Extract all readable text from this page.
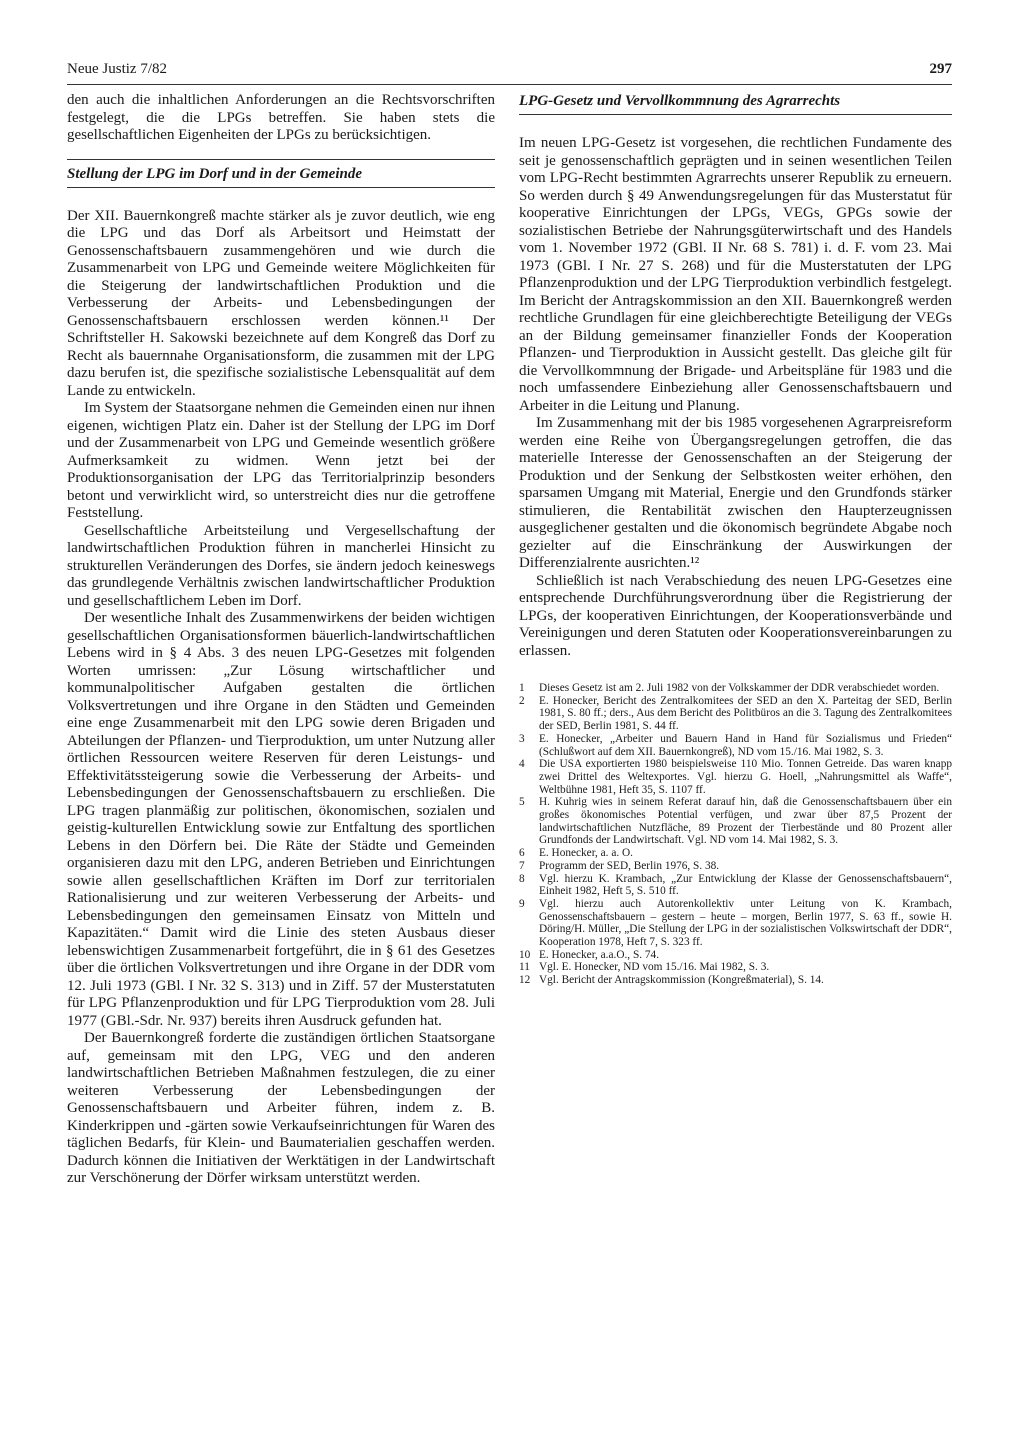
Neue Justiz 7/82	297

den auch die inhaltlichen Anforderungen an die Rechtsvorschriften festgelegt, die die LPGs betreffen. Sie haben stets die gesellschaftlichen Eigenheiten der LPGs zu berücksichtigen.

Stellung der LPG im Dorf und in der Gemeinde

Der XII. Bauernkongreß machte stärker als je zuvor deutlich, wie eng die LPG und das Dorf als Arbeitsort und Heimstatt der Genossenschaftsbauern zusammengehören und wie durch die Zusammenarbeit von LPG und Gemeinde weitere Möglichkeiten für die Steigerung der landwirtschaftlichen Produktion und die Verbesserung der Arbeits- und Lebensbedingungen der Genossenschaftsbauern erschlossen werden können.¹¹ Der Schriftsteller H. Sakowski bezeichnete auf dem Kongreß das Dorf zu Recht als bauernnahe Organisationsform, die zusammen mit der LPG dazu berufen ist, die spezifische sozialistische Lebensqualität auf dem Lande zu entwickeln.

Im System der Staatsorgane nehmen die Gemeinden einen nur ihnen eigenen, wichtigen Platz ein. Daher ist der Stellung der LPG im Dorf und der Zusammenarbeit von LPG und Gemeinde wesentlich größere Aufmerksamkeit zu widmen. Wenn jetzt bei der Produktionsorganisation der LPG das Territorialprinzip besonders betont und verwirklicht wird, so unterstreicht dies nur die getroffene Feststellung.

Gesellschaftliche Arbeitsteilung und Vergesellschaftung der landwirtschaftlichen Produktion führen in mancherlei Hinsicht zu strukturellen Veränderungen des Dorfes, sie ändern jedoch keineswegs das grundlegende Verhältnis zwischen landwirtschaftlicher Produktion und gesellschaftlichem Leben im Dorf.

Der wesentliche Inhalt des Zusammenwirkens der beiden wichtigen gesellschaftlichen Organisationsformen bäuerlich-landwirtschaftlichen Lebens wird in § 4 Abs. 3 des neuen LPG-Gesetzes mit folgenden Worten umrissen: „Zur Lösung wirtschaftlicher und kommunalpolitischer Aufgaben gestalten die örtlichen Volksvertretungen und ihre Organe in den Städten und Gemeinden eine enge Zusammenarbeit mit den LPG sowie deren Brigaden und Abteilungen der Pflanzen- und Tierproduktion, um unter Nutzung aller örtlichen Ressourcen weitere Reserven für deren Leistungs- und Effektivitätssteigerung sowie die Verbesserung der Arbeits- und Lebensbedingungen der Genossenschaftsbauern zu erschließen. Die LPG tragen planmäßig zur politischen, ökonomischen, sozialen und geistig-kulturellen Entwicklung sowie zur Entfaltung des sportlichen Lebens in den Dörfern bei. Die Räte der Städte und Gemeinden organisieren dazu mit den LPG, anderen Betrieben und Einrichtungen sowie allen gesellschaftlichen Kräften im Dorf zur territorialen Rationalisierung und zur weiteren Verbesserung der Arbeits- und Lebensbedingungen den gemeinsamen Einsatz von Mitteln und Kapazitäten.“ Damit wird die Linie des steten Ausbaus dieser lebenswichtigen Zusammenarbeit fortgeführt, die in § 61 des Gesetzes über die örtlichen Volksvertretungen und ihre Organe in der DDR vom 12. Juli 1973 (GBl. I Nr. 32 S. 313) und in Ziff. 57 der Musterstatuten für LPG Pflanzenproduktion und für LPG Tierproduktion vom 28. Juli 1977 (GBl.-Sdr. Nr. 937) bereits ihren Ausdruck gefunden hat.

Der Bauernkongreß forderte die zuständigen örtlichen Staatsorgane auf, gemeinsam mit den LPG, VEG und den anderen landwirtschaftlichen Betrieben Maßnahmen festzulegen, die zu einer weiteren Verbesserung der Lebensbedingungen der Genossenschaftsbauern und Arbeiter führen, indem z. B. Kinderkrippen und -gärten sowie Verkaufseinrichtungen für Waren des täglichen Bedarfs, für Klein- und Baumaterialien geschaffen werden. Dadurch können die Initiativen der Werktätigen in der Landwirtschaft zur Verschönerung der Dörfer wirksam unterstützt werden.

LPG-Gesetz und Vervollkommnung des Agrarrechts

Im neuen LPG-Gesetz ist vorgesehen, die rechtlichen Fundamente des seit je genossenschaftlich geprägten und in seinen wesentlichen Teilen vom LPG-Recht bestimmten Agrarrechts unserer Republik zu erneuern. So werden durch § 49 Anwendungsregelungen für das Musterstatut für kooperative Einrichtungen der LPGs, VEGs, GPGs sowie der sozialistischen Betriebe der Nahrungsgüterwirtschaft und des Handels vom 1. November 1972 (GBl. II Nr. 68 S. 781) i. d. F. vom 23. Mai 1973 (GBl. I Nr. 27 S. 268) und für die Musterstatuten der LPG Pflanzenproduktion und der LPG Tierproduktion verbindlich festgelegt. Im Bericht der Antragskommission an den XII. Bauernkongreß werden rechtliche Grundlagen für eine gleichberechtigte Beteiligung der VEGs an der Bildung gemeinsamer finanzieller Fonds der Kooperation Pflanzen- und Tierproduktion in Aussicht gestellt. Das gleiche gilt für die Vervollkommnung der Brigade- und Arbeitspläne für 1983 und die noch umfassendere Einbeziehung aller Genossenschaftsbauern und Arbeiter in die Leitung und Planung.

Im Zusammenhang mit der bis 1985 vorgesehenen Agrarpreisreform werden eine Reihe von Übergangsregelungen getroffen, die das materielle Interesse der Genossenschaften an der Steigerung der Produktion und der Senkung der Selbstkosten weiter erhöhen, den sparsamen Umgang mit Material, Energie und den Grundfonds stärker stimulieren, die Rentabilität zwischen den Haupterzeugnissen ausgeglichener gestalten und die ökonomisch begründete Abgabe noch gezielter auf die Einschränkung der Auswirkungen der Differenzialrente ausrichten.¹²

Schließlich ist nach Verabschiedung des neuen LPG-Gesetzes eine entsprechende Durchführungsverordnung über die Registrierung der LPGs, der kooperativen Einrichtungen, der Kooperationsverbände und Vereinigungen und deren Statuten oder Kooperationsvereinbarungen zu erlassen.

1	Dieses Gesetz ist am 2. Juli 1982 von der Volkskammer der DDR verabschiedet worden.
2	E. Honecker, Bericht des Zentralkomitees der SED an den X. Parteitag der SED, Berlin 1981, S. 80 ff.; ders., Aus dem Bericht des Politbüros an die 3. Tagung des Zentralkomitees der SED, Berlin 1981, S. 44 ff.
3	E. Honecker, „Arbeiter und Bauern Hand in Hand für Sozialismus und Frieden“ (Schlußwort auf dem XII. Bauernkongreß), ND vom 15./16. Mai 1982, S. 3.
4	Die USA exportierten 1980 beispielsweise 110 Mio. Tonnen Getreide. Das waren knapp zwei Drittel des Weltexportes. Vgl. hierzu G. Hoell, „Nahrungsmittel als Waffe“, Weltbühne 1981, Heft 35, S. 1107 ff.
5	H. Kuhrig wies in seinem Referat darauf hin, daß die Genossenschaftsbauern über ein großes ökonomisches Potential verfügen, und zwar über 87,5 Prozent der landwirtschaftlichen Nutzfläche, 89 Prozent der Tierbestände und 80 Prozent aller Grundfonds der Landwirtschaft. Vgl. ND vom 14. Mai 1982, S. 3.
6	E. Honecker, a. a. O.
7	Programm der SED, Berlin 1976, S. 38.
8	Vgl. hierzu K. Krambach, „Zur Entwicklung der Klasse der Genossenschaftsbauern“, Einheit 1982, Heft 5, S. 510 ff.
9	Vgl. hierzu auch Autorenkollektiv unter Leitung von K. Krambach, Genossenschaftsbauern – gestern – heute – morgen, Berlin 1977, S. 63 ff., sowie H. Döring/H. Müller, „Die Stellung der LPG in der sozialistischen Volkswirtschaft der DDR“, Kooperation 1978, Heft 7, S. 323 ff.
10 E. Honecker, a.a.O., S. 74.
11 Vgl. E. Honecker, ND vom 15./16. Mai 1982, S. 3.
12 Vgl. Bericht der Antragskommission (Kongreßmaterial), S. 14.
